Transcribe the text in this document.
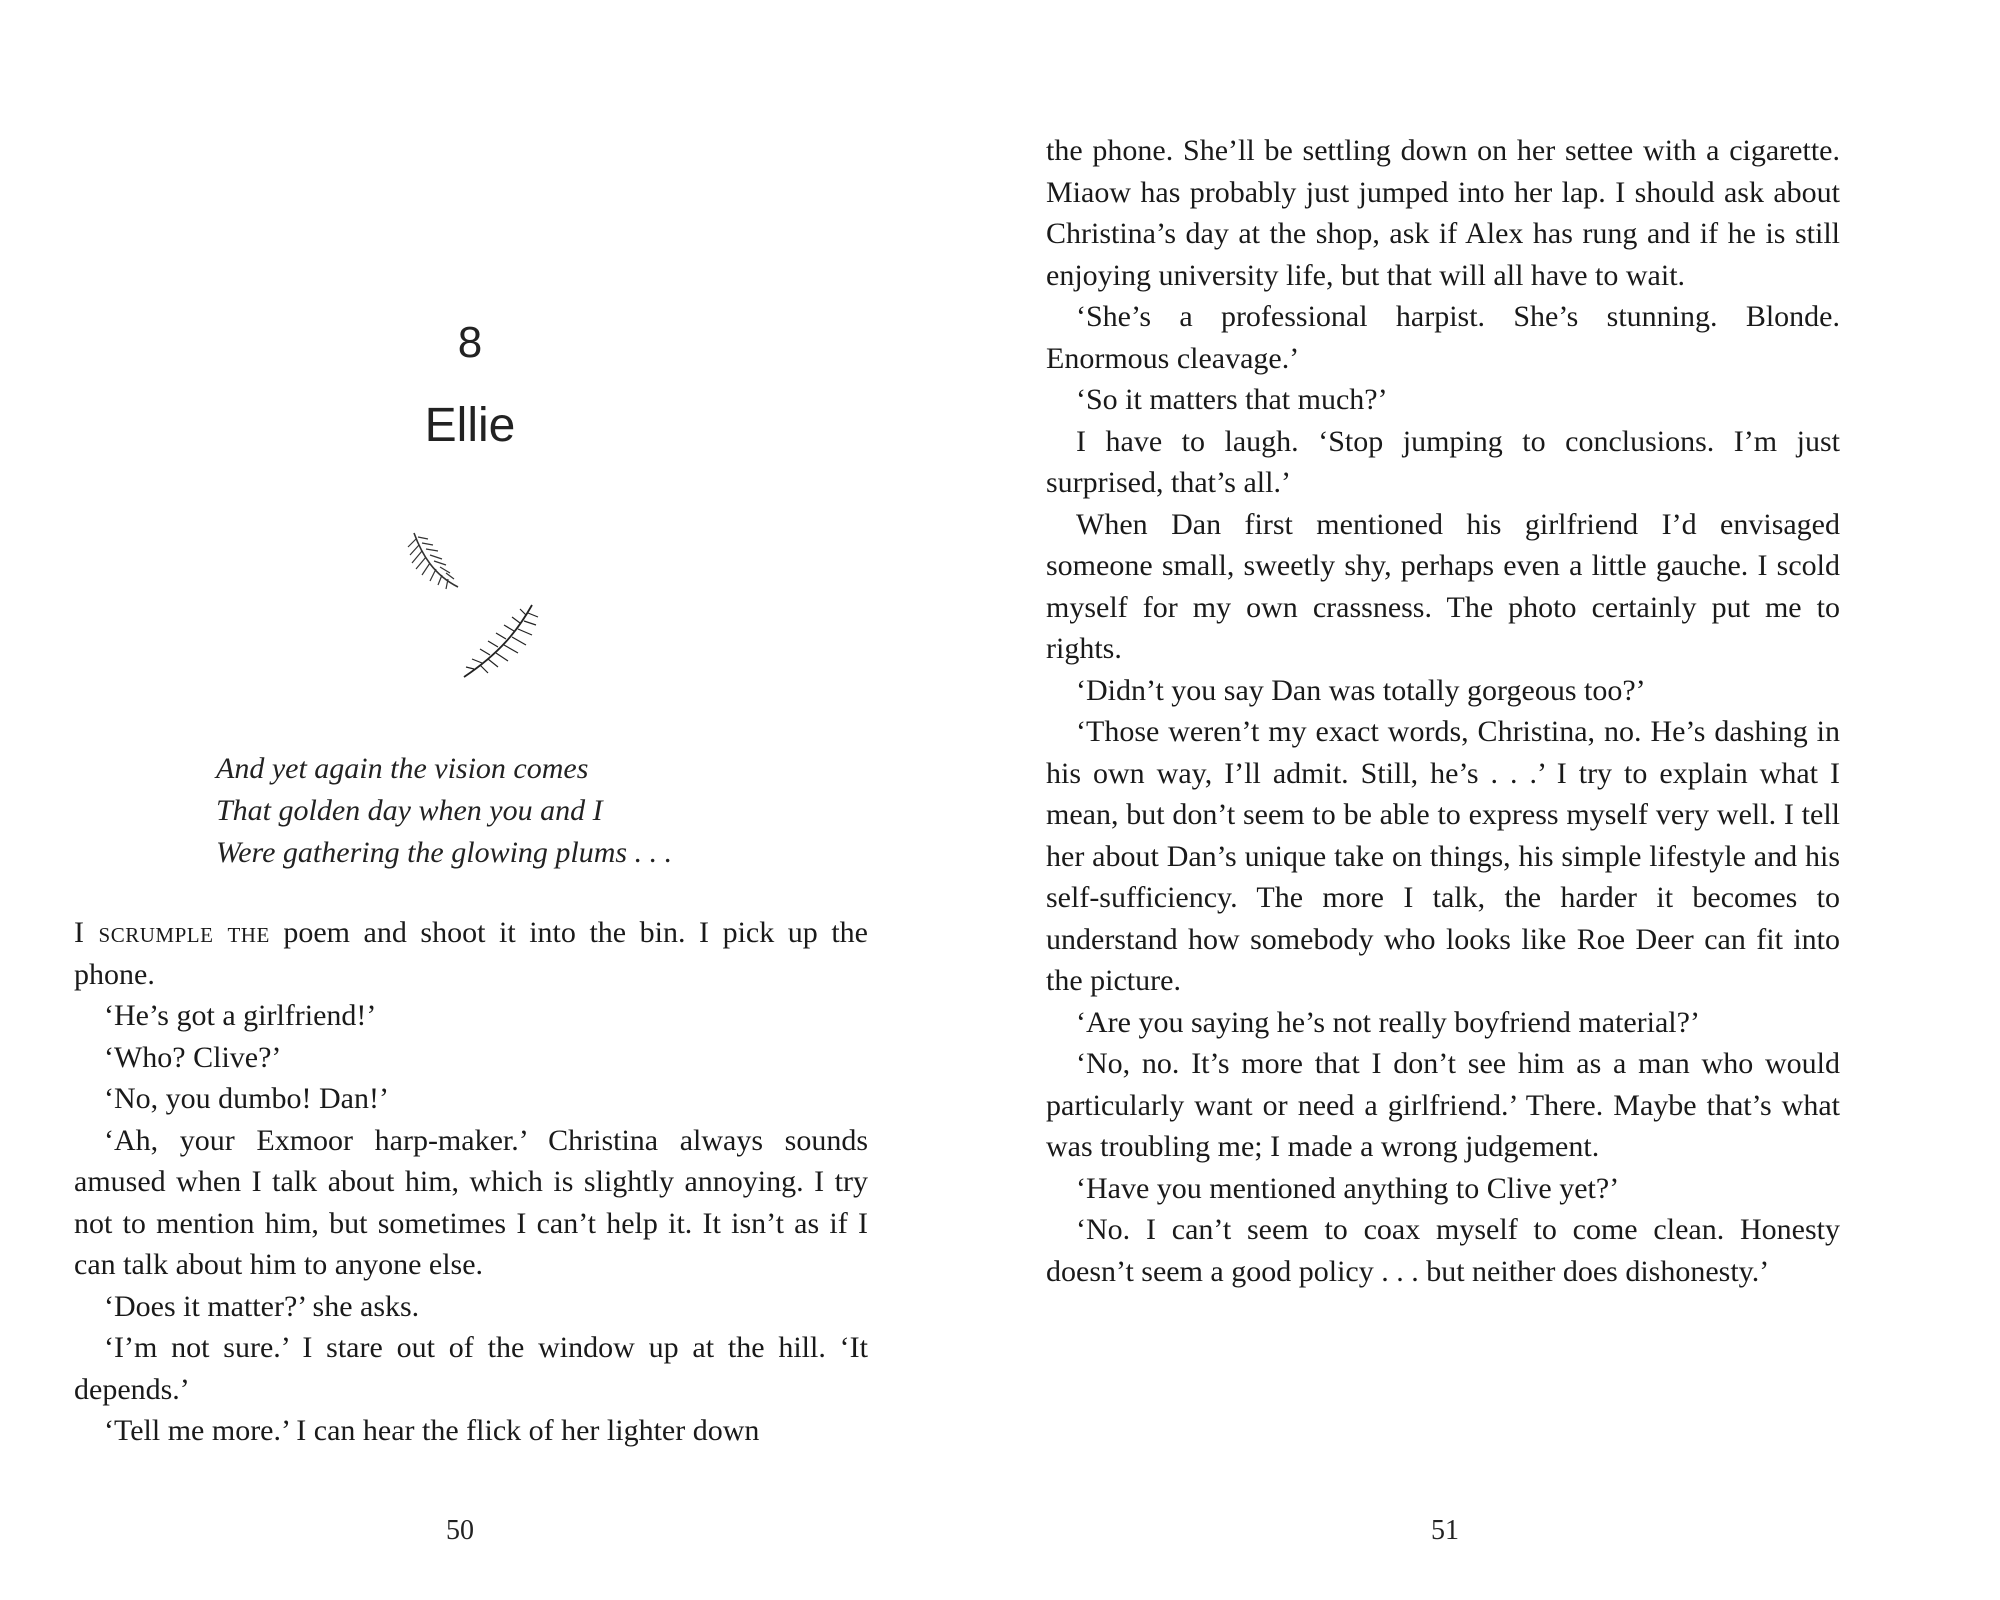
8
Ellie
And yet again the vision comes
That golden day when you and I
Were gathering the glowing plums . . .

I scrumple the poem and shoot it into the bin. I pick up the phone.

‘He’s got a girlfriend!’

‘Who? Clive?’

‘No, you dumbo! Dan!’

‘Ah, your Exmoor harp-maker.’ Christina always sounds amused when I talk about him, which is slightly annoying. I try not to mention him, but sometimes I can’t help it. It isn’t as if I can talk about him to anyone else.

‘Does it matter?’ she asks.

‘I’m not sure.’ I stare out of the window up at the hill. ‘It depends.’

‘Tell me more.’ I can hear the flick of her lighter down

50

the phone. She’ll be settling down on her settee with a cigarette. Miaow has probably just jumped into her lap. I should ask about Christina’s day at the shop, ask if Alex has rung and if he is still enjoying university life, but that will all have to wait.

‘She’s a professional harpist. She’s stunning. Blonde. Enormous cleavage.’

‘So it matters that much?’

I have to laugh. ‘Stop jumping to conclusions. I’m just surprised, that’s all.’

When Dan first mentioned his girlfriend I’d envisaged someone small, sweetly shy, perhaps even a little gauche. I scold myself for my own crassness. The photo certainly put me to rights.

‘Didn’t you say Dan was totally gorgeous too?’

‘Those weren’t my exact words, Christina, no. He’s dashing in his own way, I’ll admit. Still, he’s . . .’ I try to explain what I mean, but don’t seem to be able to express myself very well. I tell her about Dan’s unique take on things, his simple lifestyle and his self-sufficiency. The more I talk, the harder it becomes to understand how somebody who looks like Roe Deer can fit into the picture.

‘Are you saying he’s not really boyfriend material?’

‘No, no. It’s more that I don’t see him as a man who would particularly want or need a girlfriend.’ There. Maybe that’s what was troubling me; I made a wrong judgement.

‘Have you mentioned anything to Clive yet?’

‘No. I can’t seem to coax myself to come clean. Honesty doesn’t seem a good policy . . . but neither does dishonesty.’

51
